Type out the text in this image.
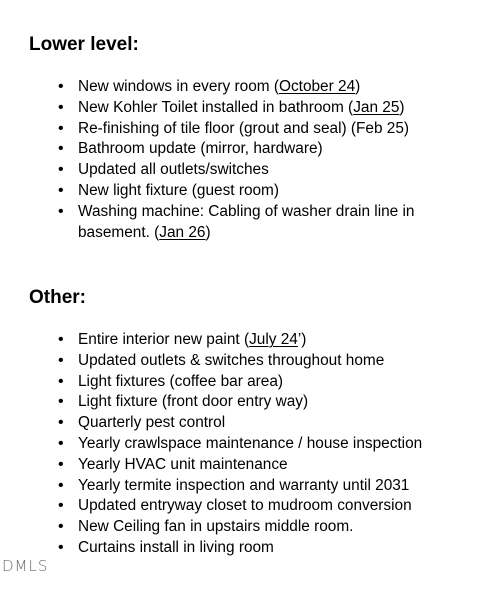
Lower level:
• New windows in every room (October 24)
• New Kohler Toilet installed in bathroom (Jan 25)
• Re-finishing of tile floor (grout and seal) (Feb 25)
• Bathroom update (mirror, hardware)
• Updated all outlets/switches
• New light fixture (guest room)
• Washing machine: Cabling of washer drain line in basement. (Jan 26)
Other:
• Entire interior new paint (July 24’)
• Updated outlets & switches throughout home
• Light fixtures (coffee bar area)
• Light fixture (front door entry way)
• Quarterly pest control
• Yearly crawlspace maintenance / house inspection
• Yearly HVAC unit maintenance
• Yearly termite inspection and warranty until 2031
• Updated entryway closet to mudroom conversion
• New Ceiling fan in upstairs middle room.
• Curtains install in living room
DMLS
